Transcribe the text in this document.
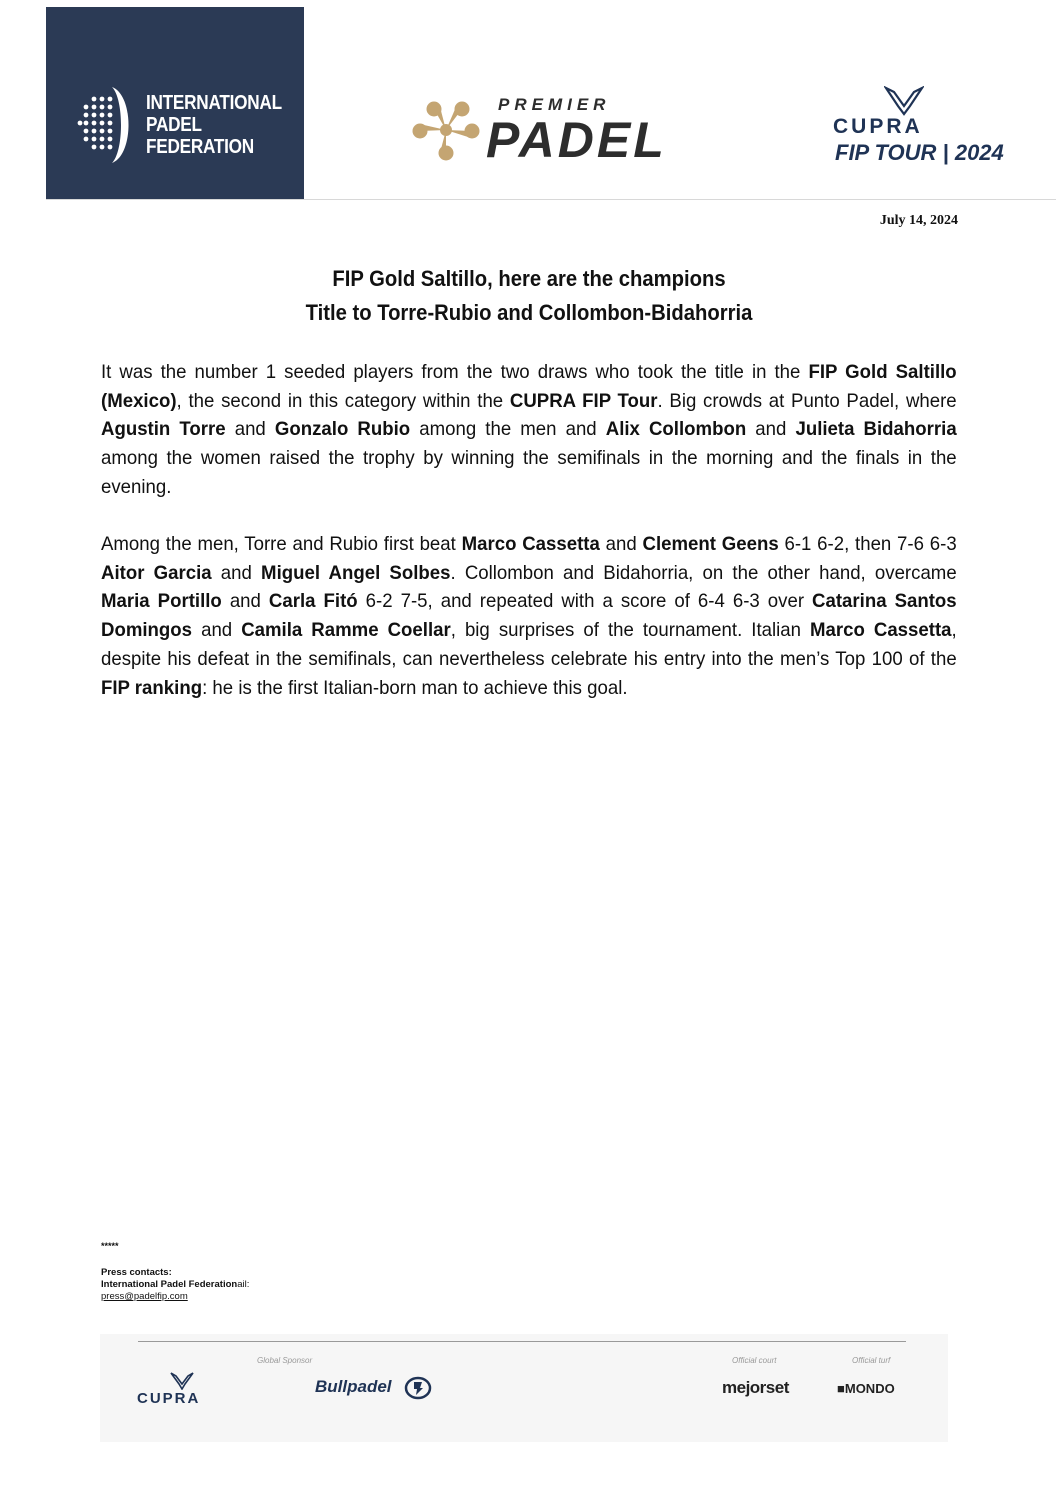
INTERNATIONAL
PADEL
FEDERATION
PREMIER
PADEL	CUPRA
FIP TOUR | 2024
July 14, 2024
FIP Gold Saltillo, here are the champions
Title to Torre-Rubio and Collombon-Bidahorria
It was the number 1 seeded players from the two draws who took the title in the FIP Gold Saltillo (Mexico), the second in this category within the CUPRA FIP Tour. Big crowds at Punto Padel, where Agustin Torre and Gonzalo Rubio among the men and Alix Collombon and Julieta Bidahorria among the women raised the trophy by winning the semifinals in the morning and the finals in the evening.
Among the men, Torre and Rubio first beat Marco Cassetta and Clement Geens 6-1 6-2, then 7-6 6-3 Aitor Garcia and Miguel Angel Solbes. Collombon and Bidahorria, on the other hand, overcame Maria Portillo and Carla Fitó 6-2 7-5, and repeated with a score of 6-4 6-3 over Catarina Santos Domingos and Camila Ramme Coellar, big surprises of the tournament. Italian Marco Cassetta, despite his defeat in the semifinals, can nevertheless celebrate his entry into the men’s Top 100 of the FIP ranking: he is the first Italian-born man to achieve this goal.
*****
Press contacts:
International Padel Federationail:
press@padelfip.com
Global Sponsor	Official court	Official turf
CUPRA
Bullpadel	mejorset	■MONDO
